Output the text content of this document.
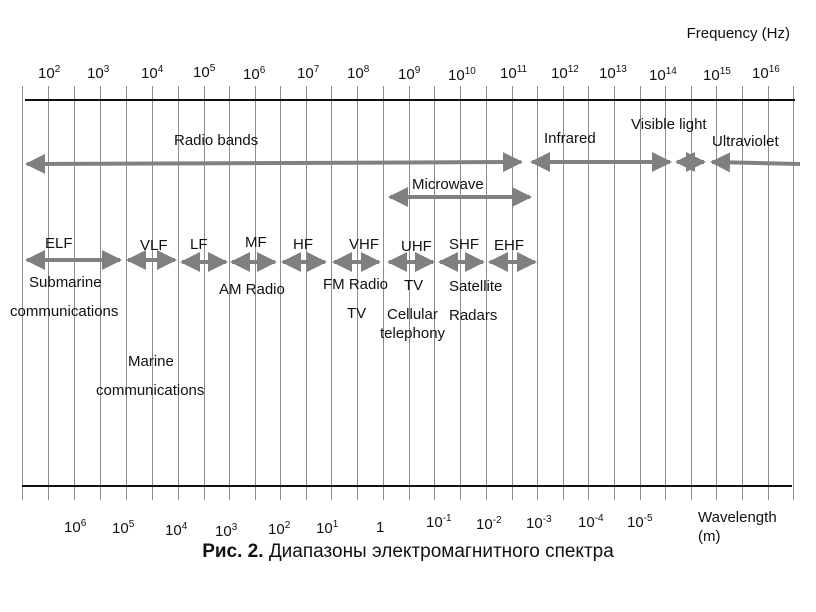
Frequency (Hz)
Wavelength
(m)
$10^2$ $10^3$ $10^4$ $10^5$ $10^6$ $10^7$ $10^8$ $10^9$ $10^{10}$ $10^{11}$ $10^{12}$ $10^{13}$ $10^{14}$ $10^{15}$ $10^{16}$
$10^6$ $10^5$ $10^4$ $10^3$ $10^2$ $10^1$	1	$10^{-1}$ $10^{-2}$ $10^{-3}$ $10^{-4}$ $10^{-5}$
Radio bands	Infrared
Visible light
Ultraviolet
Microwave
ELF	VLF LF MF HF VHF UHF SHF EHF
Submarine
communications
Marine
communications
AM Radio	FM Radio
TV
TV
Cellular
telephony
Satellite
Radars
Рис. 2. Диапазоны электромагнитного спектра
